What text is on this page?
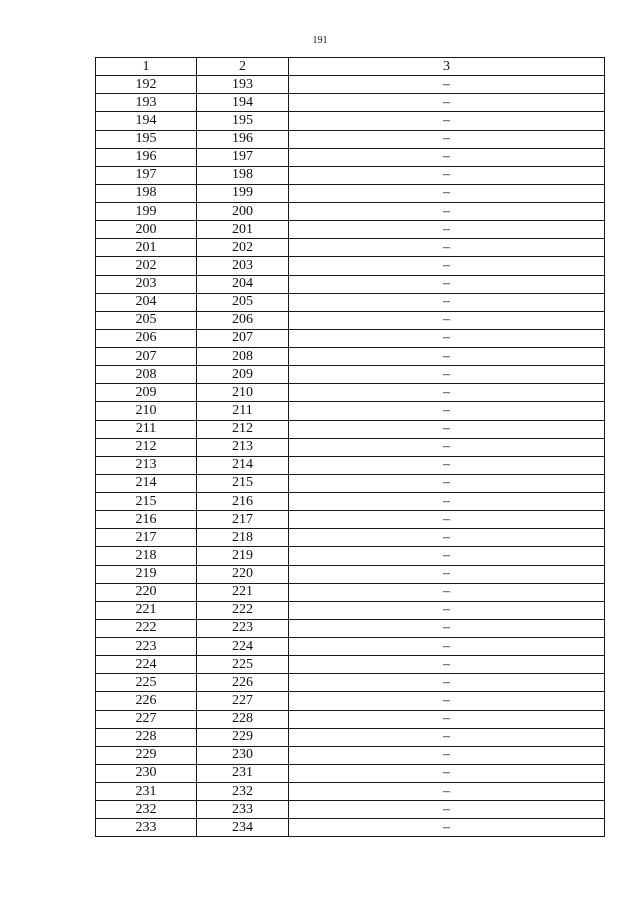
191
1	2	3
192	193	–
193	194	–
194	195	–
195	196	–
196	197	–
197	198	–
198	199	–
199	200	–
200	201	–
201	202	–
202	203	–
203	204	–
204	205	–
205	206	–
206	207	–
207	208	–
208	209	–
209	210	–
210	211	–
211	212	–
212	213	–
213	214	–
214	215	–
215	216	–
216	217	–
217	218	–
218	219	–
219	220	–
220	221	–
221	222	–
222	223	–
223	224	–
224	225	–
225	226	–
226	227	–
227	228	–
228	229	–
229	230	–
230	231	–
231	232	–
232	233	–
233	234	–
